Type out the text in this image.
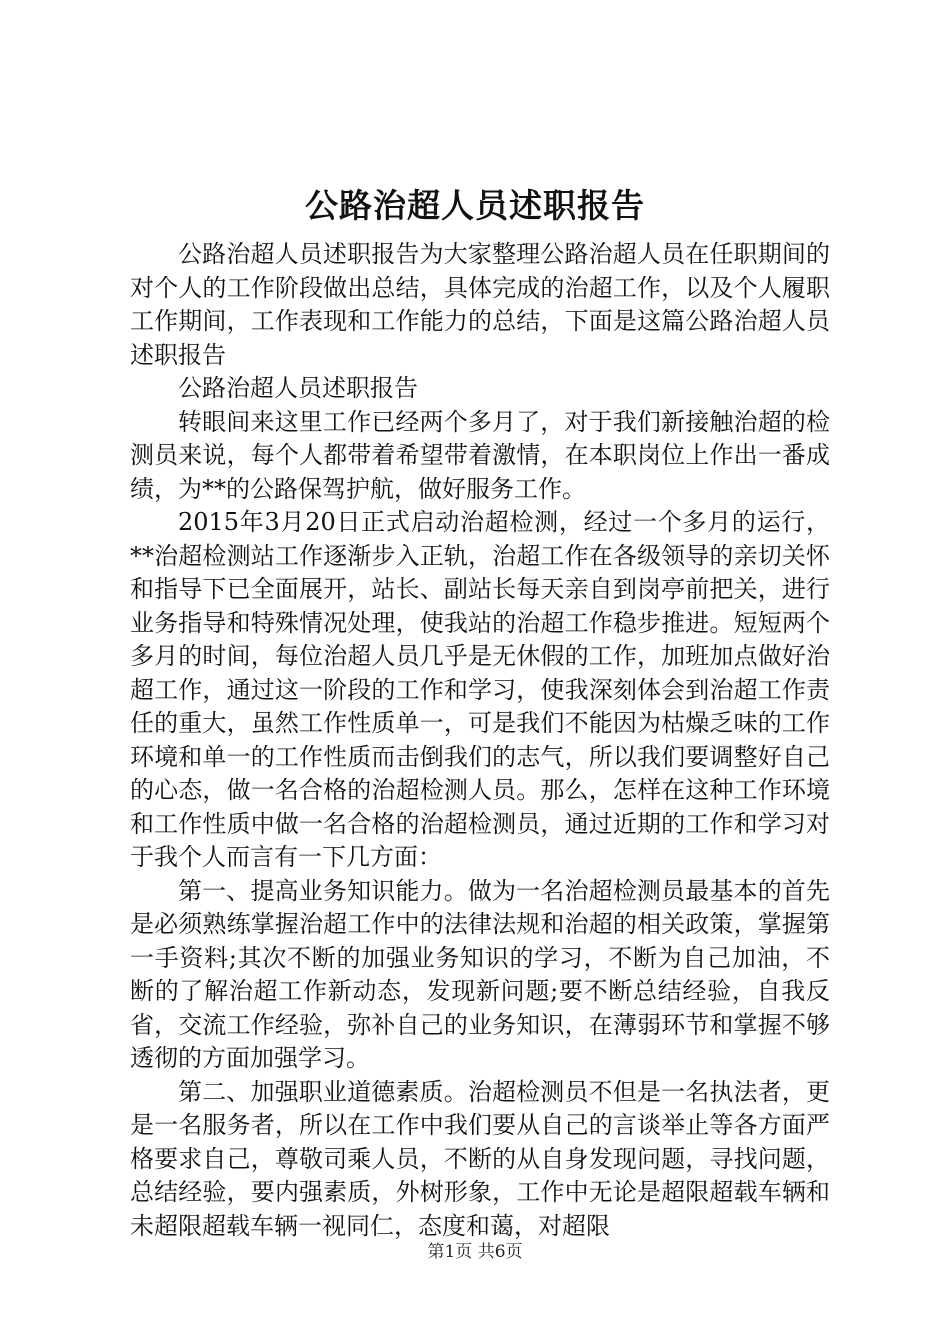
公路治超人员述职报告

公路治超人员述职报告为大家整理公路治超人员在任职期间的对个人的工作阶段做出总结，具体完成的治超工作，以及个人履职工作期间，工作表现和工作能力的总结，下面是这篇公路治超人员述职报告

公路治超人员述职报告

转眼间来这里工作已经两个多月了，对于我们新接触治超的检测员来说，每个人都带着希望带着激情，在本职岗位上作出一番成绩，为**的公路保驾护航，做好服务工作。

2015年3月20日正式启动治超检测，经过一个多月的运行，**治超检测站工作逐渐步入正轨，治超工作在各级领导的亲切关怀和指导下已全面展开，站长、副站长每天亲自到岗亭前把关，进行业务指导和特殊情况处理，使我站的治超工作稳步推进。短短两个多月的时间，每位治超人员几乎是无休假的工作，加班加点做好治超工作，通过这一阶段的工作和学习，使我深刻体会到治超工作责任的重大，虽然工作性质单一，可是我们不能因为枯燥乏味的工作环境和单一的工作性质而击倒我们的志气，所以我们要调整好自己的心态，做一名合格的治超检测人员。那么，怎样在这种工作环境和工作性质中做一名合格的治超检测员，通过近期的工作和学习对于我个人而言有一下几方面：

第一、提高业务知识能力。做为一名治超检测员最基本的首先是必须熟练掌握治超工作中的法律法规和治超的相关政策，掌握第一手资料;其次不断的加强业务知识的学习，不断为自己加油，不断的了解治超工作新动态，发现新问题;要不断总结经验，自我反省，交流工作经验，弥补自己的业务知识，在薄弱环节和掌握不够透彻的方面加强学习。

第二、加强职业道德素质。治超检测员不但是一名执法者，更是一名服务者，所以在工作中我们要从自己的言谈举止等各方面严格要求自己，尊敬司乘人员，不断的从自身发现问题，寻找问题，总结经验，要内强素质，外树形象，工作中无论是超限超载车辆和未超限超载车辆一视同仁，态度和蔼，对超限

第1页 共6页
